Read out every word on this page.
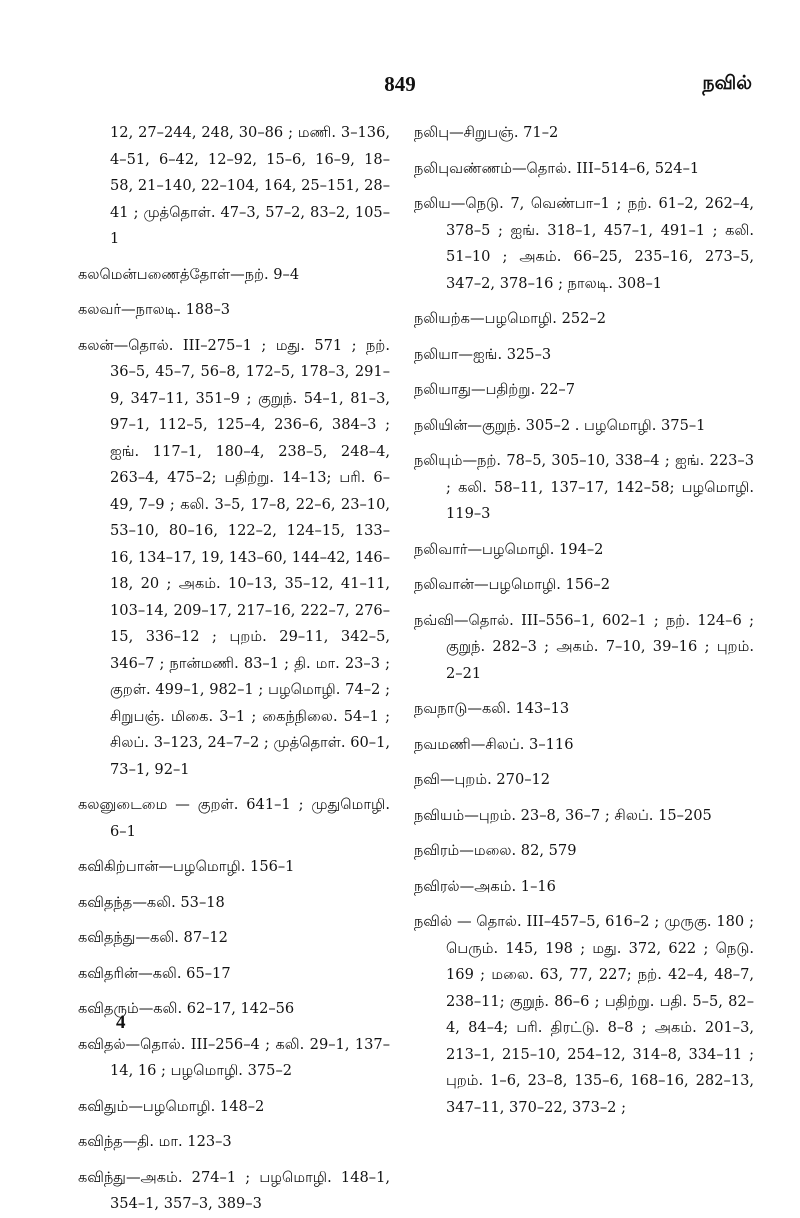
849	நவில்

12, 27–244, 248, 30–86 ; மணி. 3–136, 4–51, 6–42, 12–92, 15–6, 16–9, 18–58, 21–140, 22–104, 164, 25–151, 28–41 ; முத்தொள். 47–3, 57–2, 83–2, 105–1

கலமென்பணைத்தோள்—நற். 9–4

கலவர்—நாலடி. 188–3

கலன்—தொல். III–275–1 ; மது. 571 ; நற். 36–5, 45–7, 56–8, 172–5, 178–3, 291–9, 347–11, 351–9 ; குறுந். 54–1, 81–3, 97–1, 112–5, 125–4, 236–6, 384–3 ; ஐங். 117–1, 180–4, 238–5, 248–4, 263–4, 475–2; பதிற்று. 14–13; பரி. 6–49, 7–9 ; கலி. 3–5, 17–8, 22–6, 23–10, 53–10, 80–16, 122–2, 124–15, 133–16, 134–17, 19, 143–60, 144–42, 146–18, 20 ; அகம். 10–13, 35–12, 41–11, 103–14, 209–17, 217–16, 222–7, 276–15, 336–12 ; புறம். 29–11, 342–5, 346–7 ; நான்மணி. 83–1 ; தி. மா. 23–3 ; குறள். 499–1, 982–1 ; பழமொழி. 74–2 ; சிறுபஞ். மிகை. 3–1 ; கைந்நிலை. 54–1 ; சிலப். 3–123, 24–7–2 ; முத்தொள். 60–1, 73–1, 92–1

கலனுடைமை — குறள். 641–1 ; முதுமொழி. 6–1

கவிகிற்பான்—பழமொழி. 156–1

கவிதந்த—கலி. 53–18

கவிதந்து—கலி. 87–12

கவிதரின்—கலி. 65–17

கவிதரும்—கலி. 62–17, 142–56

கவிதல்—தொல். III–256–4 ; கலி. 29–1, 137–14, 16 ; பழமொழி. 375–2

கவிதும்—பழமொழி. 148–2

கவிந்த—தி. மா. 123–3

கவிந்து—அகம். 274–1 ; பழமொழி. 148–1, 354–1, 357–3, 389–3

நலிபு—சிறுபஞ். 71–2

நலிபுவண்ணம்—தொல். III–514–6, 524–1

நலிய—நெடு. 7, வெண்பா–1 ; நற். 61–2, 262–4, 378–5 ; ஐங். 318–1, 457–1, 491–1 ; கலி. 51–10 ; அகம். 66–25, 235–16, 273–5, 347–2, 378–16 ; நாலடி. 308–1

நலியற்க—பழமொழி. 252–2

நலியா—ஐங். 325–3

நலியாது—பதிற்று. 22–7

நலியின்—குறுந். 305–2 . பழமொழி. 375–1

நலியும்—நற். 78–5, 305–10, 338–4 ; ஐங். 223–3 ; கலி. 58–11, 137–17, 142–58; பழமொழி. 119–3

நலிவார்—பழமொழி. 194–2

நலிவான்—பழமொழி. 156–2

நவ்வி—தொல். III–556–1, 602–1 ; நற். 124–6 ; குறுந். 282–3 ; அகம். 7–10, 39–16 ; புறம். 2–21

நவநாடு—கலி. 143–13

நவமணி—சிலப். 3–116

நவி—புறம். 270–12

நவியம்—புறம். 23–8, 36–7 ; சிலப். 15–205

நவிரம்—மலை. 82, 579

நவிரல்—அகம். 1–16

நவில் — தொல். III–457–5, 616–2 ; முருகு. 180 ; பெரும். 145, 198 ; மது. 372, 622 ; நெடு. 169 ; மலை. 63, 77, 227; நற். 42–4, 48–7, 238–11; குறுந். 86–6 ; பதிற்று. பதி. 5–5, 82–4, 84–4; பரி. திரட்டு. 8–8 ; அகம். 201–3, 213–1, 215–10, 254–12, 314–8, 334–11 ; புறம். 1–6, 23–8, 135–6, 168–16, 282–13, 347–11, 370–22, 373–2 ;

4
